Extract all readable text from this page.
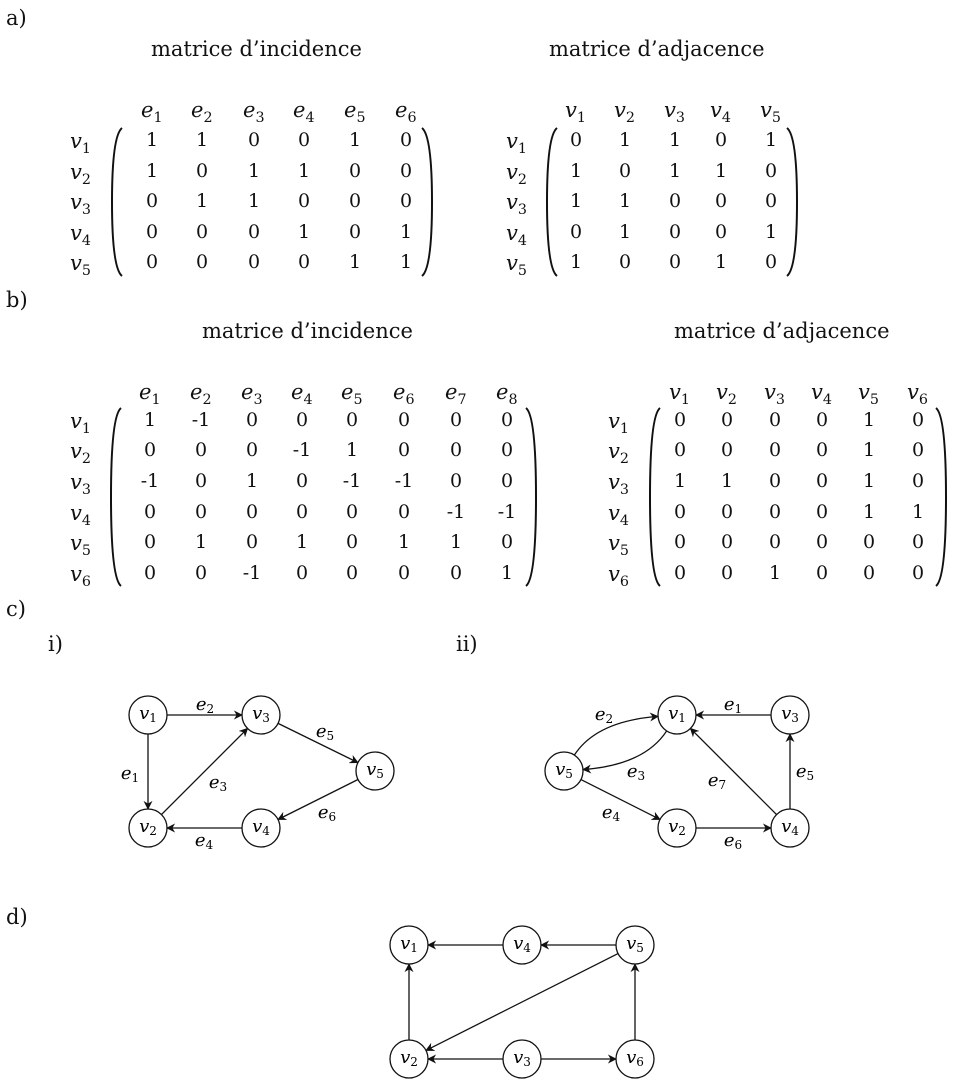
a)
b)
c)
d)
matrice d’incidence	matrice d’adjacence
matrice d’incidence	matrice d’adjacence
$e_1$ $e_2$ $e_3$ $e_4$ $e_5$ $e_6$
$v_1$	1	1	0	0	1	0
$v_2$	1	0	1	1	0	0
$v_3$	0	1	1	0	0	0
$v_4$	0	0	0	1	0	1
$v_5$	0	0	0	0	1	1
$v_1$ $v_2$ $v_3$ $v_4$ $v_5$
$v_1$	0	1	1	0	1
$v_2$	1	0	1	1	0
$v_3$	1	1	0	0	0
$v_4$	0	1	0	0	1
$v_5$	1	0	0	1	0
$e_1$ $e_2$ $e_3$ $e_4$ $e_5$ $e_6$ $e_7$ $e_8$
$v_1$	1	-1	0	0	0	0	0	0
$v_2$	0	0	0	-1	1	0	0	0
$v_3$	-1	0	1	0	-1	-1	0	0
$v_4$	0	0	0	0	0	0	-1	-1
$v_5$	0	1	0	1	0	1	1	0
$v_6$	0	0	-1	0	0	0	0	1
$v_1$ $v_2$ $v_3$ $v_4$ $v_5$ $v_6$
$v_1$	0	0	0	0	1	0
$v_2$	0	0	0	0	1	0
$v_3$	1	1	0	0	1	0
$v_4$	0	0	0	0	1	1
$v_5$	0	0	0	0	0	0
$v_6$	0	0	1	0	0	0
i)	ii)
$e_1$
$e_2$
$e_3$
$e_4$
$e_5$
$e_6$
$v_1$
$v_2$
$v_3$
$v_4$
$v_5$
$e_1$
$e_2$
$e_3$
$e_4$
$e_5$
$e_6$
$e_7$
$v_1$
$v_2$
$v_3$
$v_4$
$v_5$
$v_1$
$v_2$	$v_3$
$v_4$	$v_5$
$v_6$
